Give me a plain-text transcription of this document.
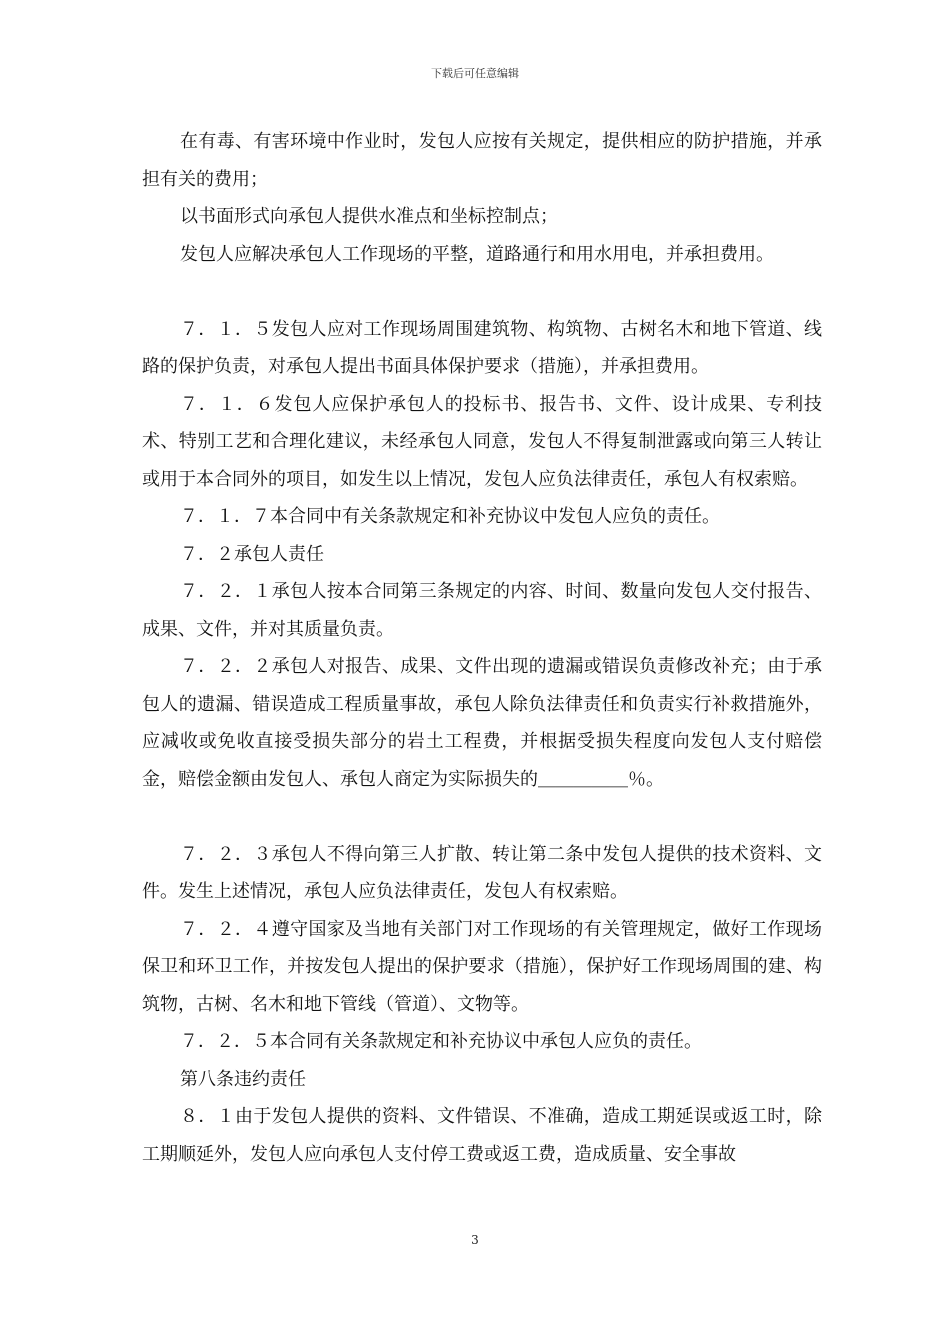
下载后可任意编辑

在有毒、有害环境中作业时，发包人应按有关规定，提供相应的防护措施，并承担有关的费用；

以书面形式向承包人提供水准点和坐标控制点；

发包人应解决承包人工作现场的平整，道路通行和用水用电，并承担费用。

７．１．５发包人应对工作现场周围建筑物、构筑物、古树名木和地下管道、线路的保护负责，对承包人提出书面具体保护要求（措施），并承担费用。

７．１．６发包人应保护承包人的投标书、报告书、文件、设计成果、专利技术、特别工艺和合理化建议，未经承包人同意，发包人不得复制泄露或向第三人转让或用于本合同外的项目，如发生以上情况，发包人应负法律责任，承包人有权索赔。

７．１．７本合同中有关条款规定和补充协议中发包人应负的责任。

７．２承包人责任

７．２．１承包人按本合同第三条规定的内容、时间、数量向发包人交付报告、成果、文件，并对其质量负责。

７．２．２承包人对报告、成果、文件出现的遗漏或错误负责修改补充；由于承包人的遗漏、错误造成工程质量事故，承包人除负法律责任和负责实行补救措施外，应减收或免收直接受损失部分的岩土工程费，并根据受损失程度向发包人支付赔偿金，赔偿金额由发包人、承包人商定为实际损失的＿＿＿＿＿％。

７．２．３承包人不得向第三人扩散、转让第二条中发包人提供的技术资料、文件。发生上述情况，承包人应负法律责任，发包人有权索赔。

７．２．４遵守国家及当地有关部门对工作现场的有关管理规定，做好工作现场保卫和环卫工作，并按发包人提出的保护要求（措施），保护好工作现场周围的建、构筑物，古树、名木和地下管线（管道）、文物等。

７．２．５本合同有关条款规定和补充协议中承包人应负的责任。

第八条违约责任

８．１由于发包人提供的资料、文件错误、不准确，造成工期延误或返工时，除工期顺延外，发包人应向承包人支付停工费或返工费，造成质量、安全事故

3
